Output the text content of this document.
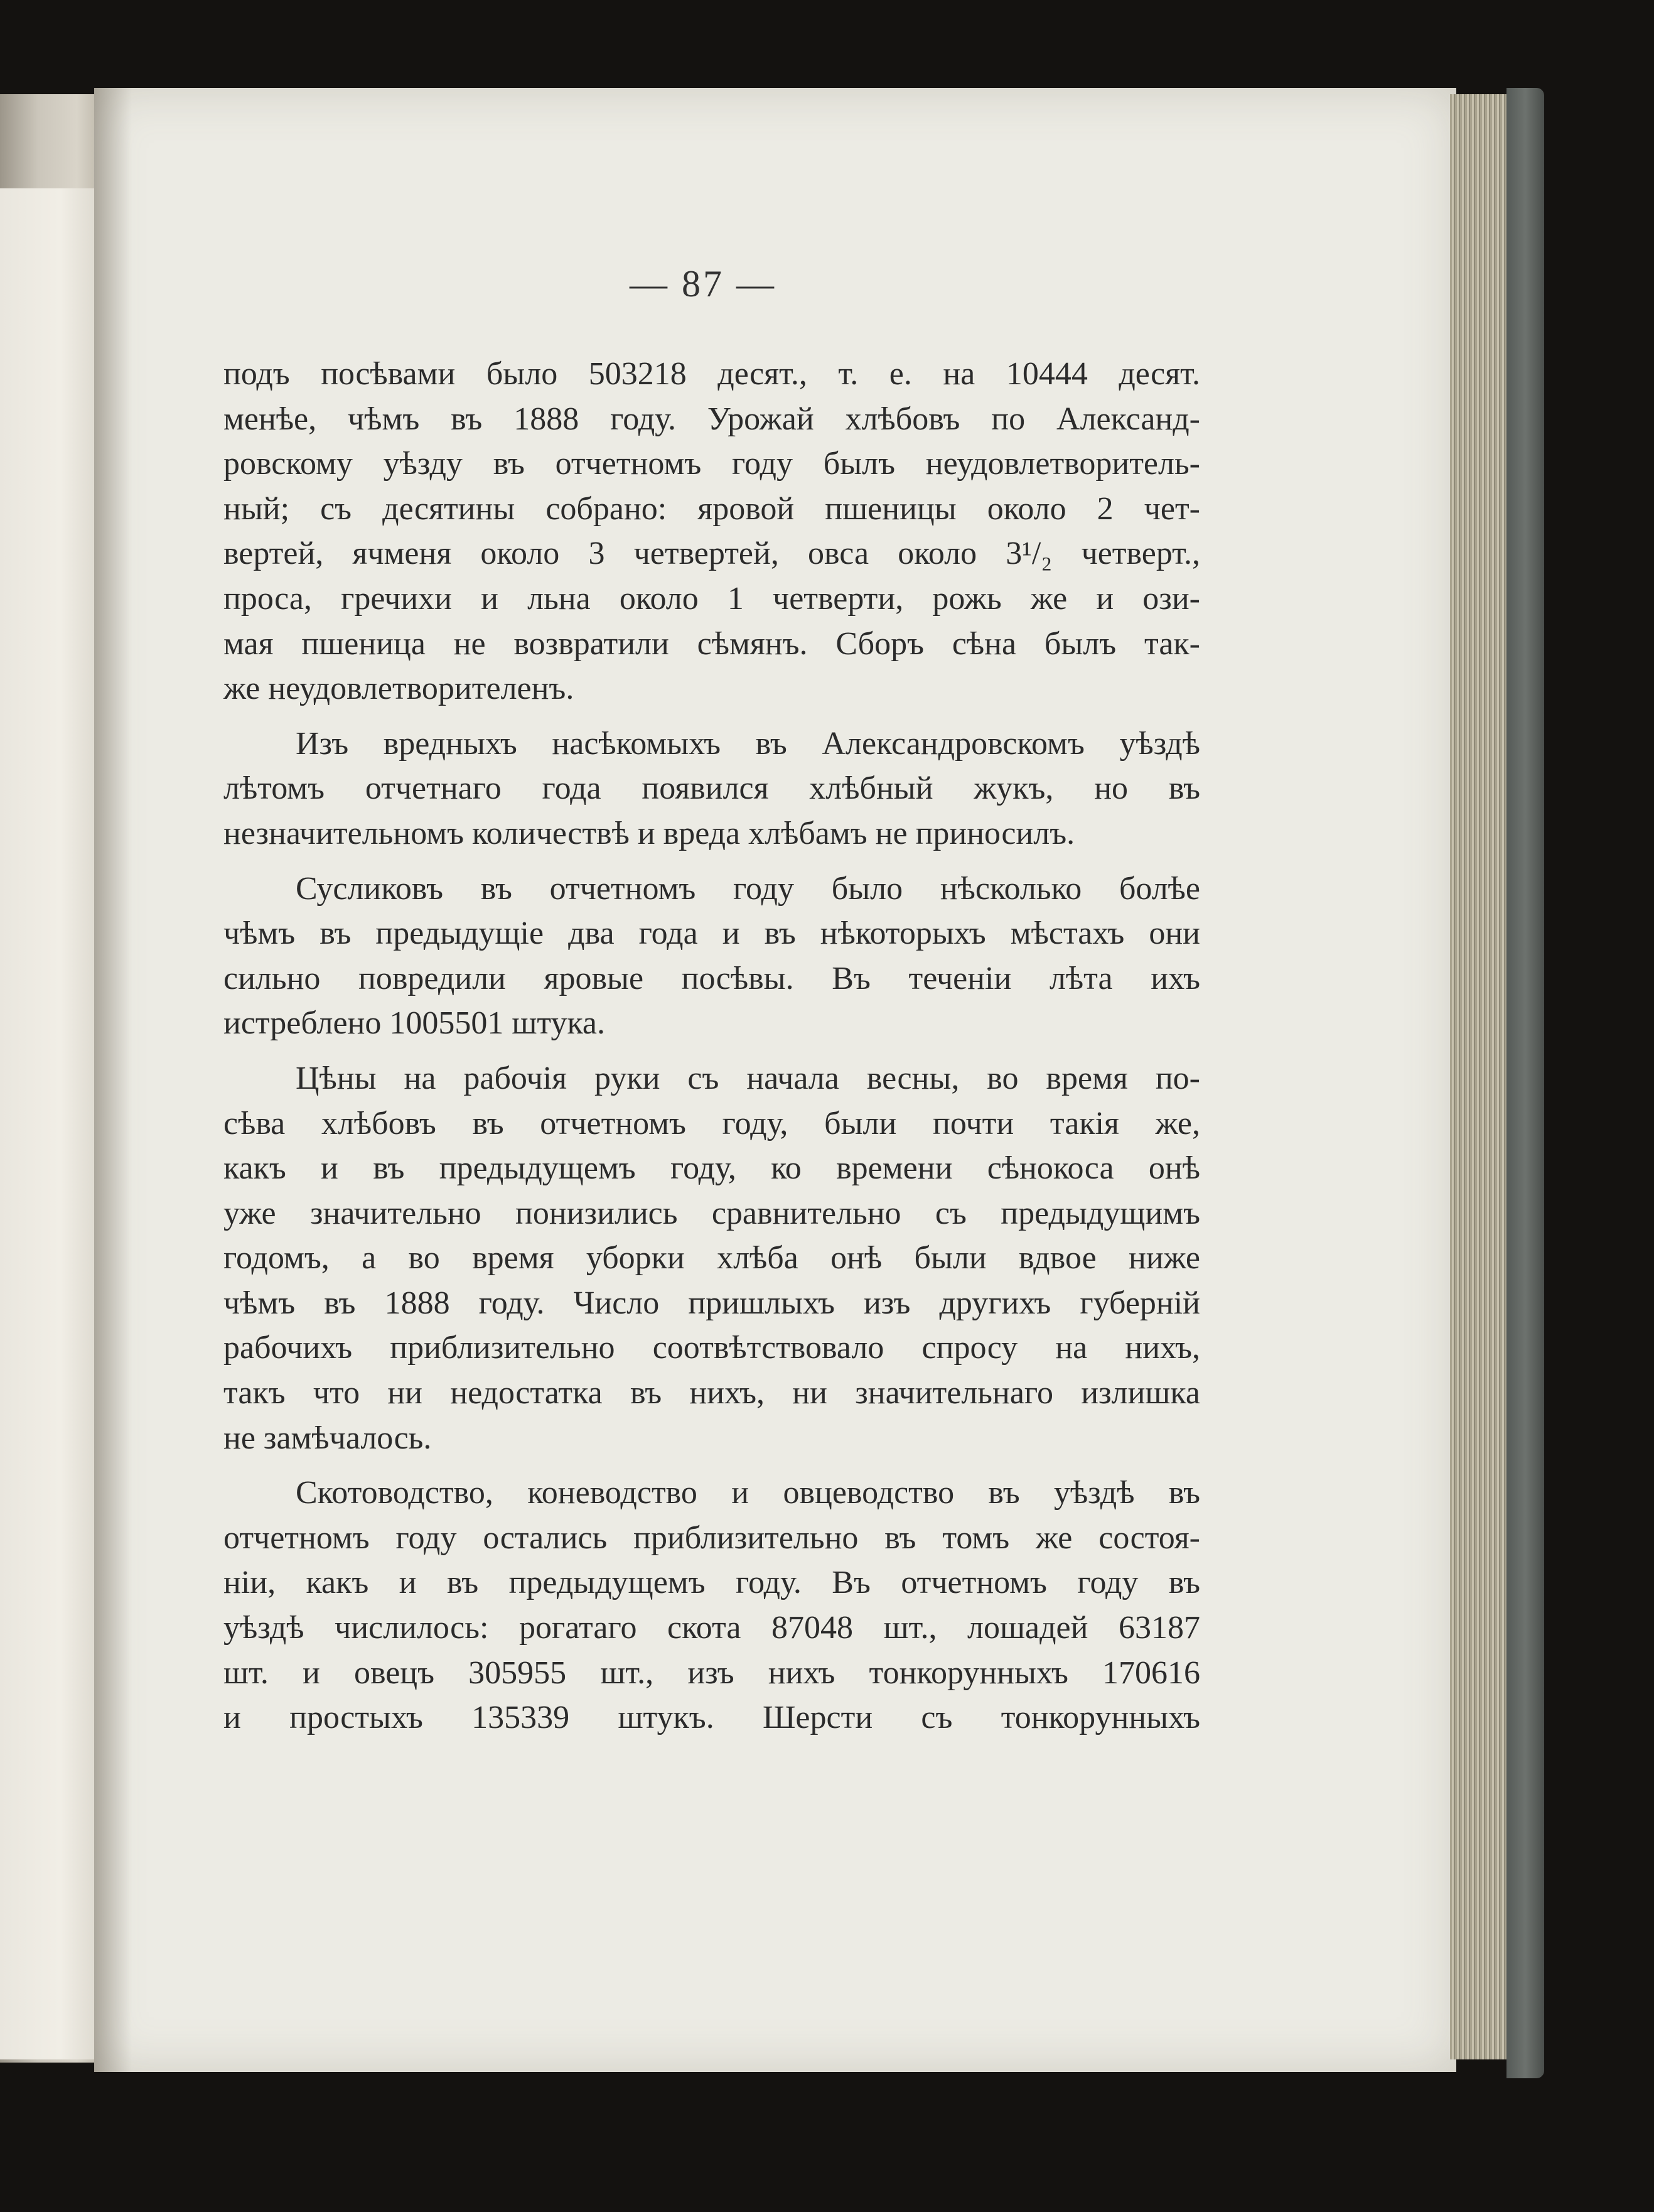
— 87 —
подъ посѣвами было 503218 десят., т. е. на 10444 десят.
менѣе, чѣмъ въ 1888 году. Урожай хлѣбовъ по Александ-
ровскому уѣзду въ отчетномъ году былъ неудовлетворитель-
ный; съ десятины собрано: яровой пшеницы около 2 чет-
вертей, ячменя около 3 четвертей, овса около 3¹/₂ четверт.,
проса, гречихи и льна около 1 четверти, рожь же и ози-
мая пшеница не возвратили сѣмянъ. Сборъ сѣна былъ так-
же неудовлетворителенъ.
Изъ вредныхъ насѣкомыхъ въ Александровскомъ уѣздѣ
лѣтомъ отчетнаго года появился хлѣбный жукъ, но въ
незначительномъ количествѣ и вреда хлѣбамъ не приносилъ.
Сусликовъ въ отчетномъ году было нѣсколько болѣе
чѣмъ въ предыдущіе два года и въ нѣкоторыхъ мѣстахъ они
сильно повредили яровые посѣвы. Въ теченіи лѣта ихъ
истреблено 1005501 штука.
Цѣны на рабочія руки съ начала весны, во время по-
сѣва хлѣбовъ въ отчетномъ году, были почти такія же,
какъ и въ предыдущемъ году, ко времени сѣнокоса онѣ
уже значительно понизились сравнительно съ предыдущимъ
годомъ, а во время уборки хлѣба онѣ были вдвое ниже
чѣмъ въ 1888 году. Число пришлыхъ изъ другихъ губерній
рабочихъ приблизительно соотвѣтствовало спросу на нихъ,
такъ что ни недостатка въ нихъ, ни значительнаго излишка
не замѣчалось.
Скотоводство, коневодство и овцеводство въ уѣздѣ въ
отчетномъ году остались приблизительно въ томъ же состоя-
ніи, какъ и въ предыдущемъ году. Въ отчетномъ году въ
уѣздѣ числилось: рогатаго скота 87048 шт., лошадей 63187
шт. и овецъ 305955 шт., изъ нихъ тонкорунныхъ 170616
и простыхъ 135339 штукъ. Шерсти съ тонкорунныхъ
